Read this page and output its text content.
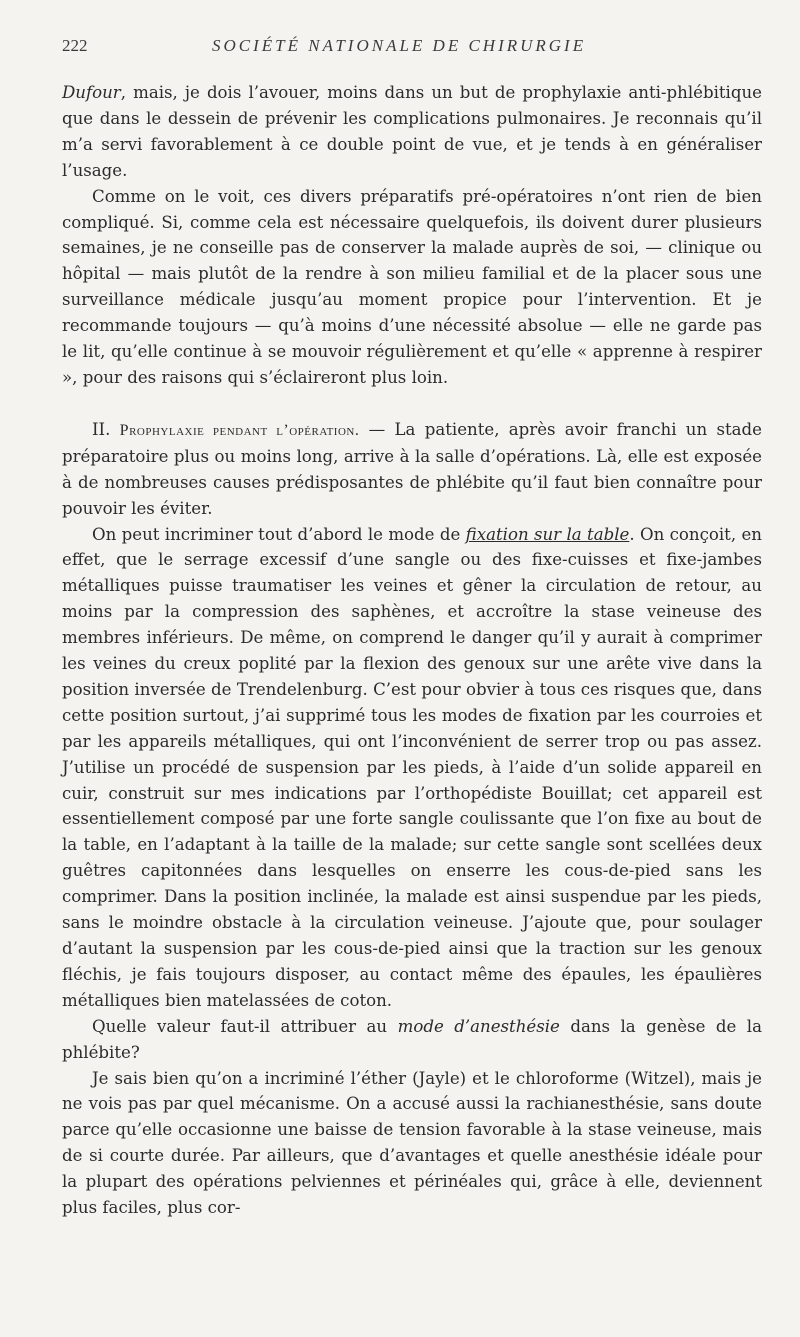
222	SOCIÉTÉ NATIONALE DE CHIRURGIE

Dufour, mais, je dois l’avouer, moins dans un but de prophylaxie anti-phlébitique que dans le dessein de prévenir les complications pulmonaires. Je reconnais qu’il m’a servi favorablement à ce double point de vue, et je tends à en généraliser l’usage.

Comme on le voit, ces divers préparatifs pré-opératoires n’ont rien de bien compliqué. Si, comme cela est nécessaire quelquefois, ils doivent durer plusieurs semaines, je ne conseille pas de conserver la malade auprès de soi, — clinique ou hôpital — mais plutôt de la rendre à son milieu familial et de la placer sous une surveillance médicale jusqu’au moment propice pour l’intervention. Et je recommande toujours — qu’à moins d’une nécessité absolue — elle ne garde pas le lit, qu’elle continue à se mouvoir régulièrement et qu’elle « apprenne à respirer », pour des raisons qui s’éclaireront plus loin.

II. Prophylaxie pendant l’opération. — La patiente, après avoir franchi un stade préparatoire plus ou moins long, arrive à la salle d’opérations. Là, elle est exposée à de nombreuses causes prédisposantes de phlébite qu’il faut bien connaître pour pouvoir les éviter.

On peut incriminer tout d’abord le mode de fixation sur la table. On conçoit, en effet, que le serrage excessif d’une sangle ou des fixe-cuisses et fixe-jambes métalliques puisse traumatiser les veines et gêner la circulation de retour, au moins par la compression des saphènes, et accroître la stase veineuse des membres inférieurs. De même, on comprend le danger qu’il y aurait à comprimer les veines du creux poplité par la flexion des genoux sur une arête vive dans la position inversée de Trendelenburg. C’est pour obvier à tous ces risques que, dans cette position surtout, j’ai supprimé tous les modes de fixation par les courroies et par les appareils métalliques, qui ont l’inconvénient de serrer trop ou pas assez. J’utilise un procédé de suspension par les pieds, à l’aide d’un solide appareil en cuir, construit sur mes indications par l’orthopédiste Bouillat; cet appareil est essentiellement composé par une forte sangle coulissante que l’on fixe au bout de la table, en l’adaptant à la taille de la malade; sur cette sangle sont scellées deux guêtres capitonnées dans lesquelles on enserre les cous-de-pied sans les comprimer. Dans la position inclinée, la malade est ainsi suspendue par les pieds, sans le moindre obstacle à la circulation veineuse. J’ajoute que, pour soulager d’autant la suspension par les cous-de-pied ainsi que la traction sur les genoux fléchis, je fais toujours disposer, au contact même des épaules, les épaulières métalliques bien matelassées de coton.

Quelle valeur faut-il attribuer au mode d’anesthésie dans la genèse de la phlébite?

Je sais bien qu’on a incriminé l’éther (Jayle) et le chloroforme (Witzel), mais je ne vois pas par quel mécanisme. On a accusé aussi la rachianesthésie, sans doute parce qu’elle occasionne une baisse de tension favorable à la stase veineuse, mais de si courte durée. Par ailleurs, que d’avantages et quelle anesthésie idéale pour la plupart des opérations pelviennes et périnéales qui, grâce à elle, deviennent plus faciles, plus cor-
